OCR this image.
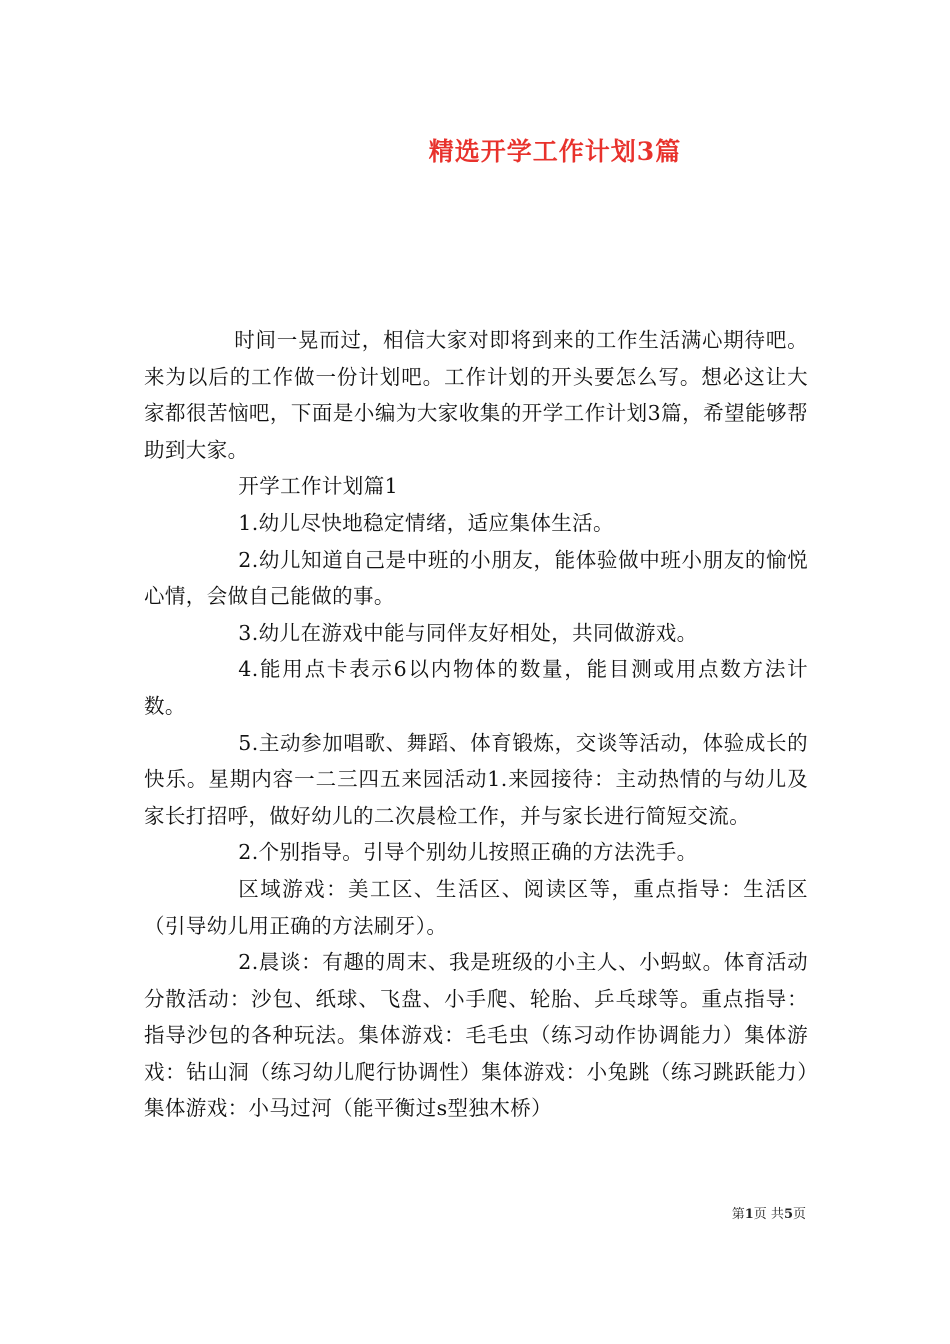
精选开学工作计划3篇

时间一晃而过，相信大家对即将到来的工作生活满心期待吧。来为以后的工作做一份计划吧。工作计划的开头要怎么写。想必这让大家都很苦恼吧，下面是小编为大家收集的开学工作计划3篇，希望能够帮助到大家。

开学工作计划篇1

1.幼儿尽快地稳定情绪，适应集体生活。

2.幼儿知道自己是中班的小朋友，能体验做中班小朋友的愉悦心情，会做自己能做的事。

3.幼儿在游戏中能与同伴友好相处，共同做游戏。

4.能用点卡表示6以内物体的数量，能目测或用点数方法计数。

5.主动参加唱歌、舞蹈、体育锻炼，交谈等活动，体验成长的快乐。星期内容一二三四五来园活动1.来园接待：主动热情的与幼儿及家长打招呼，做好幼儿的二次晨检工作，并与家长进行简短交流。

2.个别指导。引导个别幼儿按照正确的方法洗手。

区域游戏：美工区、生活区、阅读区等，重点指导：生活区（引导幼儿用正确的方法刷牙）。

2.晨谈：有趣的周末、我是班级的小主人、小蚂蚁。体育活动分散活动：沙包、纸球、飞盘、小手爬、轮胎、乒乓球等。重点指导：指导沙包的各种玩法。集体游戏：毛毛虫（练习动作协调能力）集体游戏：钻山洞（练习幼儿爬行协调性）集体游戏：小兔跳（练习跳跃能力）集体游戏：小马过河（能平衡过s型独木桥）

第1页 共5页
